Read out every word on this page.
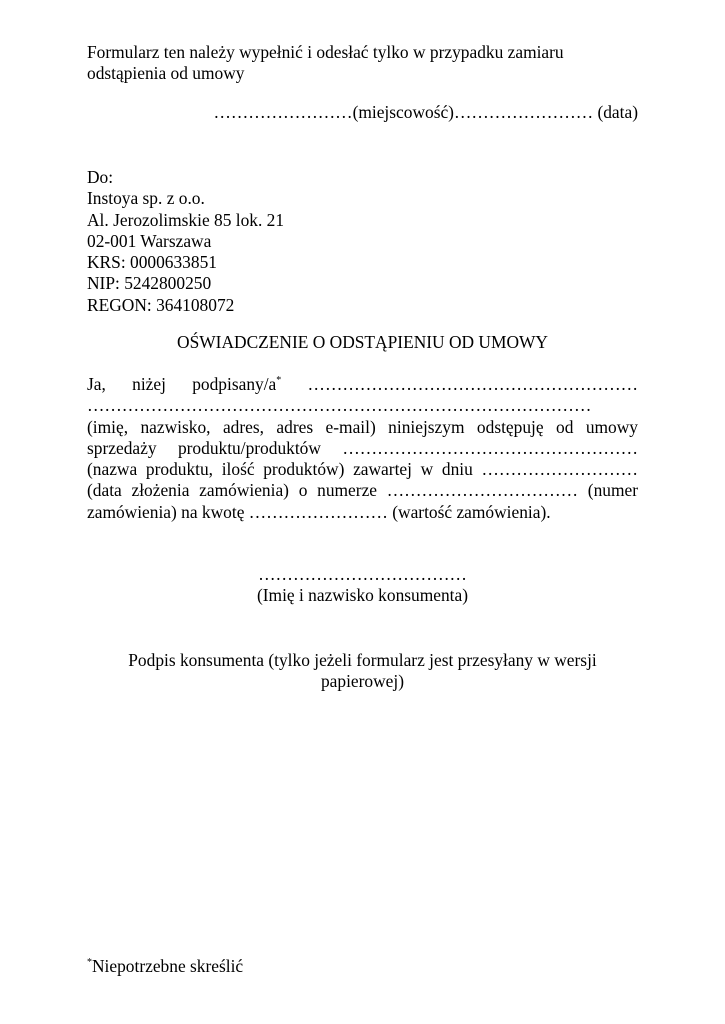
Formularz ten należy wypełnić i odesłać tylko w przypadku zamiaru
odstąpienia od umowy
……………………(miejscowość)…………………… (data)
Do:
Instoya sp. z o.o.
Al. Jerozolimskie 85 lok. 21
02-001 Warszawa
KRS: 0000633851
NIP: 5242800250
REGON: 364108072
OŚWIADCZENIE O ODSTĄPIENIU OD UMOWY
Ja, niżej podpisany/a* …………………………………………………
……………………………………………………………………………
(imię, nazwisko, adres, adres e-mail) niniejszym odstępuję od umowy
sprzedaży produktu/produktów ……………………………………………
(nazwa produktu, ilość produktów) zawartej w dniu ………………………
(data złożenia zamówienia) o numerze …………………………… (numer
zamówienia) na kwotę …………………… (wartość zamówienia).
………………………………
(Imię i nazwisko konsumenta)
Podpis konsumenta (tylko jeżeli formularz jest przesyłany w wersji
papierowej)
*Niepotrzebne skreślić
